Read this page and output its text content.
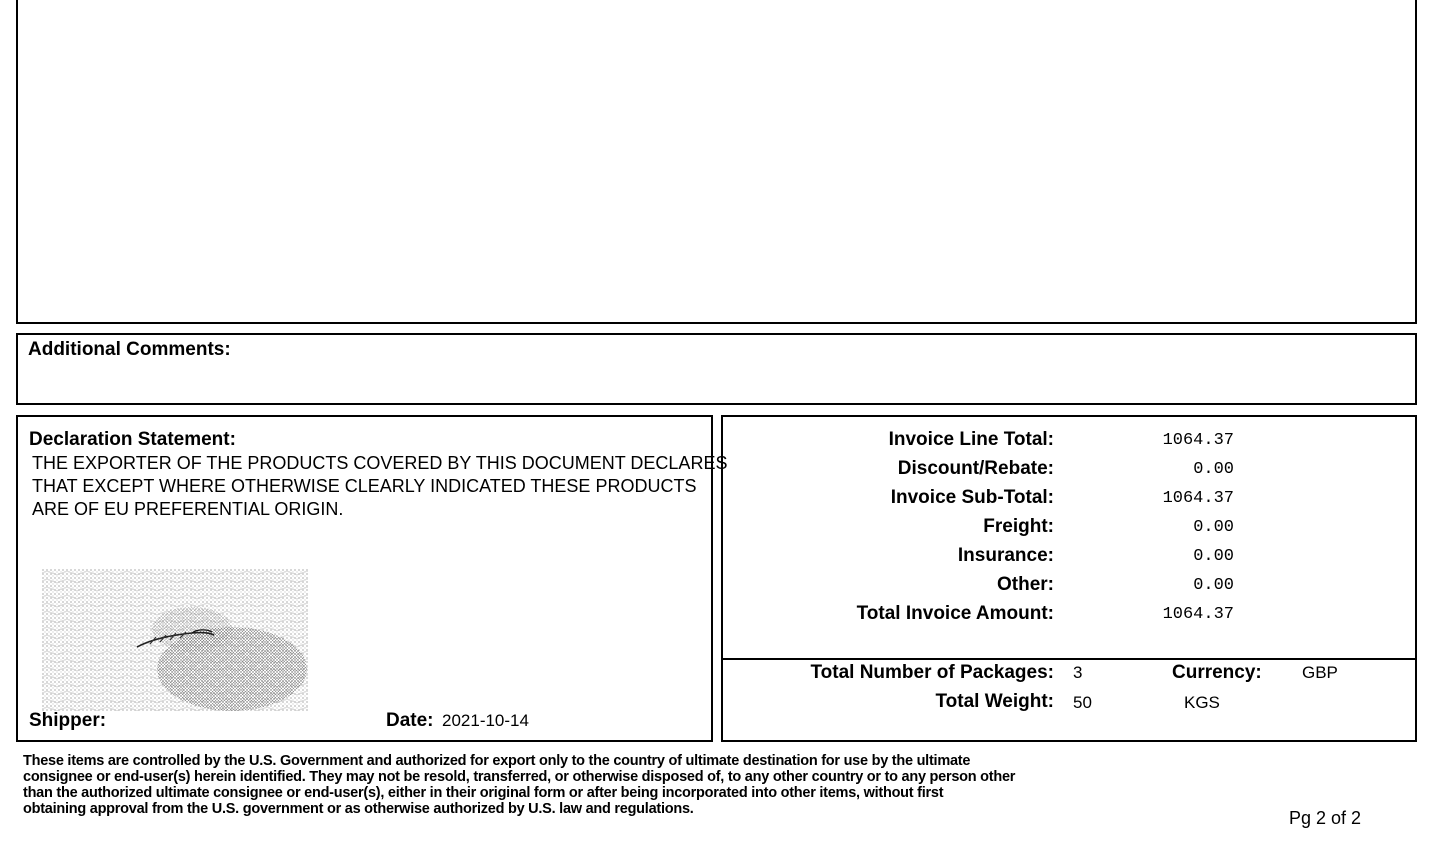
Additional Comments:
Declaration Statement:
THE EXPORTER OF THE PRODUCTS COVERED BY THIS DOCUMENT DECLARES
THAT EXCEPT WHERE OTHERWISE CLEARLY INDICATED THESE PRODUCTS
ARE OF EU PREFERENTIAL ORIGIN.
Shipper:	Date: 2021-10-14
Invoice Line Total:	1064.37
Discount/Rebate:	0.00
Invoice Sub-Total:	1064.37
Freight:	0.00
Insurance:	0.00
Other:	0.00
Total Invoice Amount:	1064.37
Total Number of Packages: 3	Currency: GBP
Total Weight: 50	KGS
These items are controlled by the U.S. Government and authorized for export only to the country of ultimate destination for use by the ultimate
consignee or end-user(s) herein identified. They may not be resold, transferred, or otherwise disposed of, to any other country or to any person other
than the authorized ultimate consignee or end-user(s), either in their original form or after being incorporated into other items, without first
obtaining approval from the U.S. government or as otherwise authorized by U.S. law and regulations.	Pg 2 of 2
